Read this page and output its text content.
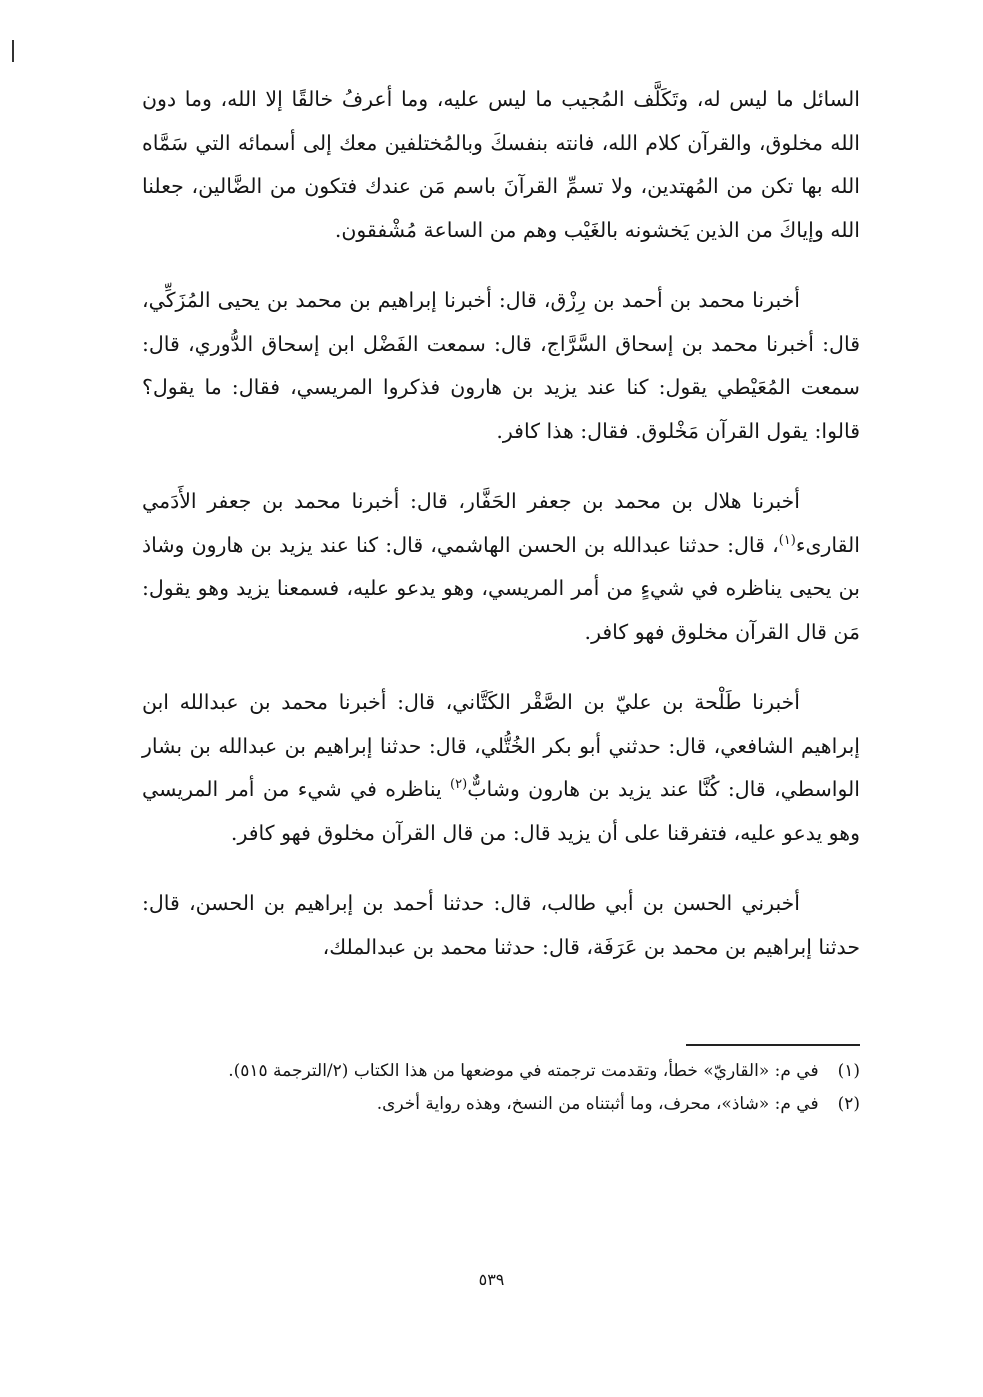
السائل ما ليس له، وتَكَلَّف المُجيب ما ليس عليه، وما أعرفُ خالقًا إلا الله، وما دون الله مخلوق، والقرآن كلام الله، فانته بنفسكَ وبالمُختلفين معك إلى أسمائه التي سَمَّاه الله بها تكن من المُهتدين، ولا تسمِّ القرآنَ باسم مَن عندك فتكون من الضَّالين، جعلنا الله وإياكَ من الذين يَخشونه بالغَيْب وهم من الساعة مُشْفقون.

أخبرنا محمد بن أحمد بن رِزْق، قال: أخبرنا إبراهيم بن محمد بن يحيى المُزَكِّي، قال: أخبرنا محمد بن إسحاق السَّرَّاج، قال: سمعت الفَضْل ابن إسحاق الدُّوري، قال: سمعت المُعَيْطي يقول: كنا عند يزيد بن هارون فذكروا المريسي، فقال: ما يقول؟ قالوا: يقول القرآن مَخْلوق. فقال: هذا كافر.

أخبرنا هلال بن محمد بن جعفر الحَفَّار، قال: أخبرنا محمد بن جعفر الأَدَمي القارىء$^{(١)}$، قال: حدثنا عبدالله بن الحسن الهاشمي، قال: كنا عند يزيد بن هارون وشاذ بن يحيى يناظره في شيءٍ من أمر المريسي، وهو يدعو عليه، فسمعنا يزيد وهو يقول: مَن قال القرآن مخلوق فهو كافر.

أخبرنا طَلْحة بن عليّ بن الصَّقْر الكَتَّاني، قال: أخبرنا محمد بن عبدالله ابن إبراهيم الشافعي، قال: حدثني أبو بكر الخُتُّلي، قال: حدثنا إبراهيم بن عبدالله بن بشار الواسطي، قال: كُنَّا عند يزيد بن هارون وشابٌّ$^{(٢)}$ يناظره في شيء من أمر المريسي وهو يدعو عليه، فتفرقنا على أن يزيد قال: من قال القرآن مخلوق فهو كافر.

أخبرني الحسن بن أبي طالب، قال: حدثنا أحمد بن إبراهيم بن الحسن، قال: حدثنا إبراهيم بن محمد بن عَرَفَة، قال: حدثنا محمد بن عبدالملك،

(١) في م: «القاريّ» خطأ، وتقدمت ترجمته في موضعها من هذا الكتاب (٢/الترجمة ٥١٥).

(٢) في م: «شاذ»، محرف، وما أثبتناه من النسخ، وهذه رواية أخرى.

٥٣٩
